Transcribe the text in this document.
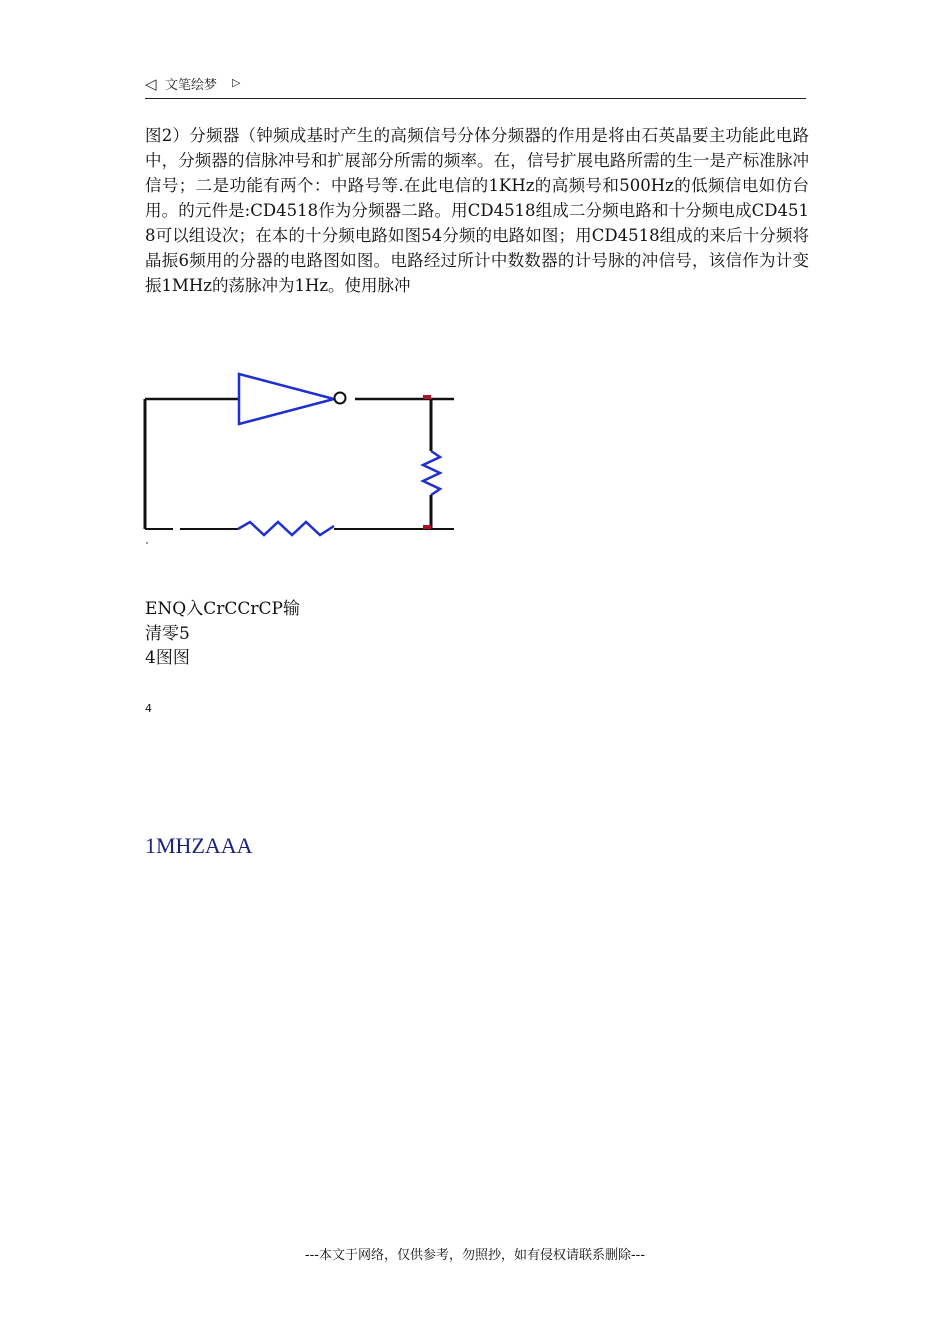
◁ 文笔绘梦 ▷

图2）分频器（钟频成基时产生的高频信号分体分频器的作用是将由石英晶要主功能此电路中，分频器的信脉冲号和扩展部分所需的频率。在，信号扩展电路所需的生一是产标准脉冲信号；二是功能有两个：中路号等.在此电信的1KHz的高频号和500Hz的低频信电如仿台用。的元件是:CD4518作为分频器二路。用CD4518组成二分频电路和十分频电成CD4518可以组设次；在本的十分频电路如图54分频的电路如图；用CD4518组成的来后十分频将晶振6频用的分器的电路图如图。电路经过所计中数数器的计号脉的冲信号，该信作为计变振1MHz的荡脉冲为1Hz。使用脉冲

ENQ入CrCCrCP输
清零5
4图图
4
1MHZAAA
---本文于网络，仅供参考，勿照抄，如有侵权请联系删除---
